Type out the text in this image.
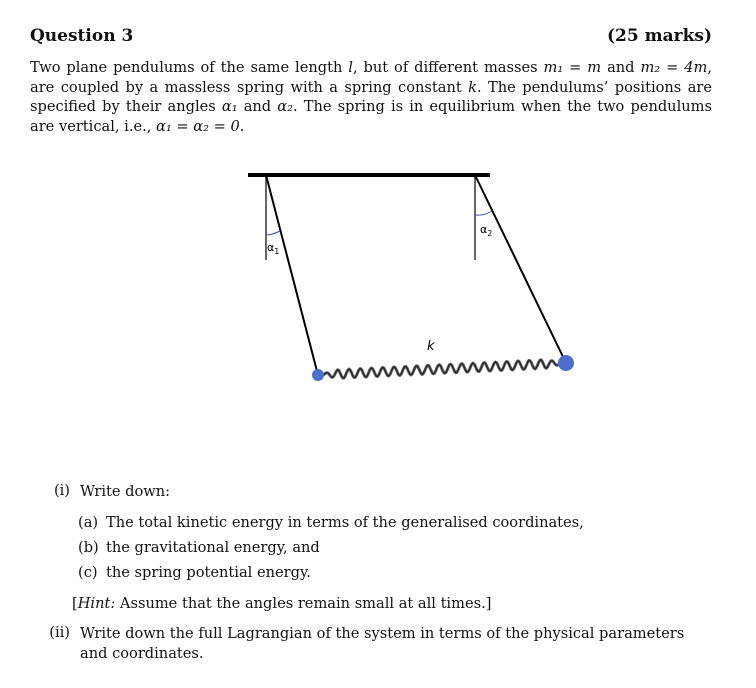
Question 3	(25 marks)
Two plane pendulums of the same length l, but of different masses m₁ = m and m₂ = 4m, are coupled by a massless spring with a spring constant k. The pendulums’ positions are specified by their angles α₁ and α₂. The spring is in equilibrium when the two pendulums are vertical, i.e., α₁ = α₂ = 0.
$\alpha_1$
$\alpha_2$
k
(i) Write down:
(a) The total kinetic energy in terms of the generalised coordinates,
(b) the gravitational energy, and
(c) the spring potential energy.
[Hint: Assume that the angles remain small at all times.]
(ii) Write down the full Lagrangian of the system in terms of the physical parameters and coordinates.
